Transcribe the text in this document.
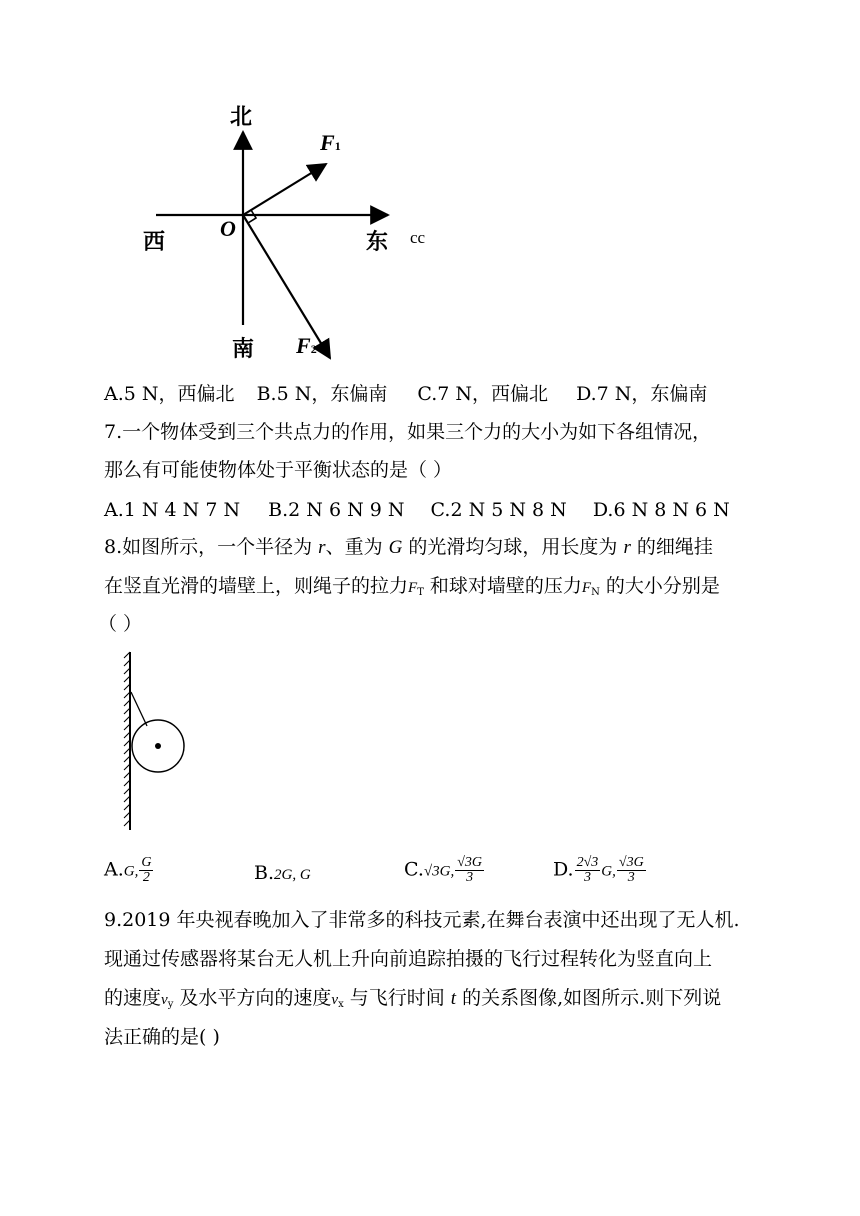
北
西	东
南
O
F1
F2
cc
A.5 N，西偏北 B.5 N，东偏南 C.7 N，西偏北 D.7 N，东偏南
7.一个物体受到三个共点力的作用，如果三个力的大小为如下各组情况，
那么有可能使物体处于平衡状态的是（ ）
A.1 N 4 N 7 N B.2 N 6 N 9 N C.2 N 5 N 8 N D.6 N 8 N 6 N
8.如图所示，一个半径为 r、重为 G 的光滑均匀球，用长度为 r 的细绳挂
在竖直光滑的墙壁上，则绳子的拉力$F_T$ 和球对墙壁的压力$F_N$ 的大小分别是
（ ）
A.G, $\frac{G}{2}$	B.2G, G	C.√3G, $\frac{√3G}{3}$	D. $\frac{2√3}{3} G$, $\frac{√3G}{3}$
9.2019 年央视春晚加入了非常多的科技元素,在舞台表演中还出现了无人机.
现通过传感器将某台无人机上升向前追踪拍摄的飞行过程转化为竖直向上
的速度$v_y$ 及水平方向的速度$v_x$ 与飞行时间 t 的关系图像,如图所示.则下列说
法正确的是( )
